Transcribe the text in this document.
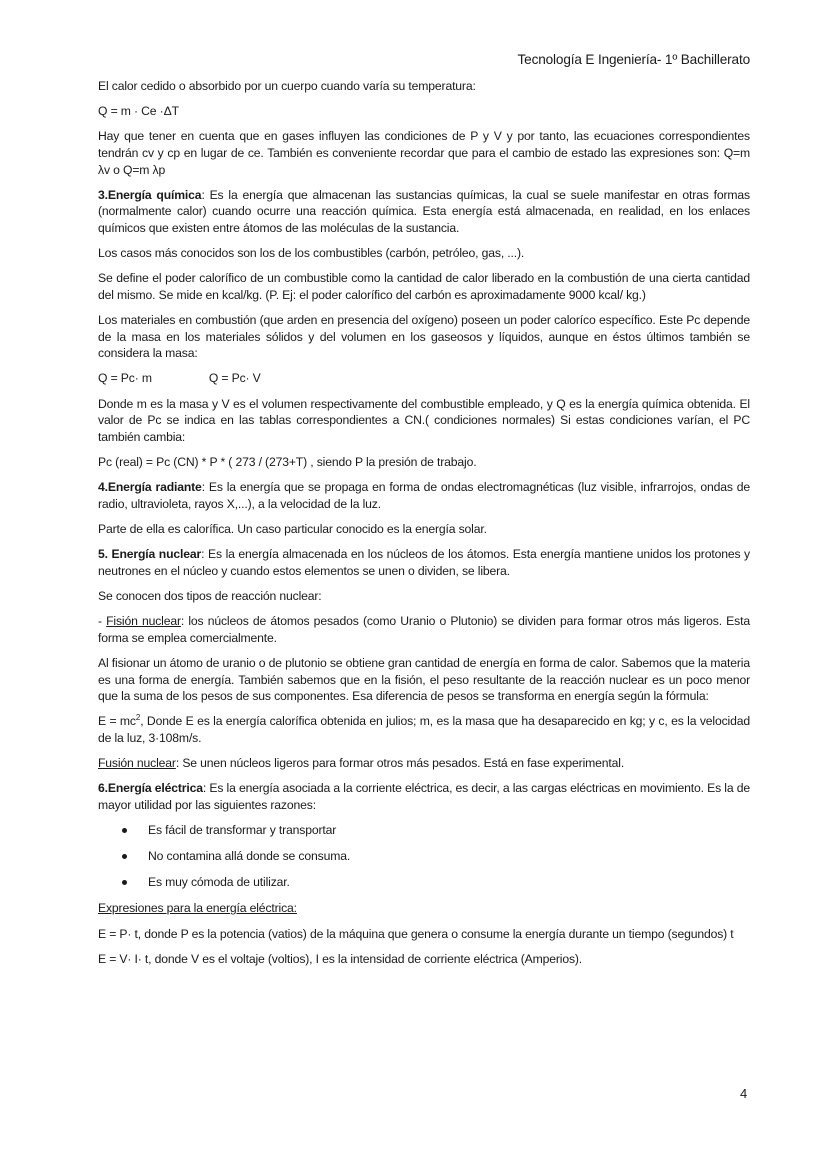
Tecnología E Ingeniería- 1º Bachillerato

El calor cedido o absorbido por un cuerpo cuando varía su temperatura:

Q = m · Ce ·ΔT

Hay que tener en cuenta que en gases influyen las condiciones de P y V y por tanto, las ecuaciones correspondientes tendrán cv y cp en lugar de ce. También es conveniente recordar que para el cambio de estado las expresiones son: Q=m λv o Q=m λp

3.Energía química: Es la energía que almacenan las sustancias químicas, la cual se suele manifestar en otras formas (normalmente calor) cuando ocurre una reacción química. Esta energía está almacenada, en realidad, en los enlaces químicos que existen entre átomos de las moléculas de la sustancia.

Los casos más conocidos son los de los combustibles (carbón, petróleo, gas, ...).

Se define el poder calorífico de un combustible como la cantidad de calor liberado en la combustión de una cierta cantidad del mismo. Se mide en kcal/kg. (P. Ej: el poder calorífico del carbón es aproximadamente 9000 kcal/ kg.)

Los materiales en combustión (que arden en presencia del oxígeno) poseen un poder caloríco específico. Este Pc depende de la masa en los materiales sólidos y del volumen en los gaseosos y líquidos, aunque en éstos últimos también se considera la masa:

Q = Pc· m	Q = Pc· V

Donde m es la masa y V es el volumen respectivamente del combustible empleado, y Q es la energía química obtenida. El valor de Pc se indica en las tablas correspondientes a CN.( condiciones normales) Si estas condiciones varían, el PC también cambia:

Pc (real) = Pc (CN) * P * ( 273 / (273+T) , siendo P la presión de trabajo.

4.Energía radiante: Es la energía que se propaga en forma de ondas electromagnéticas (luz visible, infrarrojos, ondas de radio, ultravioleta, rayos X,...), a la velocidad de la luz.

Parte de ella es calorífica. Un caso particular conocido es la energía solar.

5. Energía nuclear: Es la energía almacenada en los núcleos de los átomos. Esta energía mantiene unidos los protones y neutrones en el núcleo y cuando estos elementos se unen o dividen, se libera.

Se conocen dos tipos de reacción nuclear:

- Fisión nuclear: los núcleos de átomos pesados (como Uranio o Plutonio) se dividen para formar otros más ligeros. Esta forma se emplea comercialmente.

Al fisionar un átomo de uranio o de plutonio se obtiene gran cantidad de energía en forma de calor. Sabemos que la materia es una forma de energía. También sabemos que en la fisión, el peso resultante de la reacción nuclear es un poco menor que la suma de los pesos de sus componentes. Esa diferencia de pesos se transforma en energía según la fórmula:

$E = mc^2$, Donde E es la energía calorífica obtenida en julios; m, es la masa que ha desaparecido en kg; y c, es la velocidad de la luz, 3·108m/s.

Fusión nuclear: Se unen núcleos ligeros para formar otros más pesados. Está en fase experimental.

6.Energía eléctrica: Es la energía asociada a la corriente eléctrica, es decir, a las cargas eléctricas en movimiento. Es la de mayor utilidad por las siguientes razones:

Es fácil de transformar y transportar
No contamina allá donde se consuma.
Es muy cómoda de utilizar.

Expresiones para la energía eléctrica:

E = P· t, donde P es la potencia (vatios) de la máquina que genera o consume la energía durante un tiempo (segundos) t

E = V· I· t, donde V es el voltaje (voltios), I es la intensidad de corriente eléctrica (Amperios).

4
